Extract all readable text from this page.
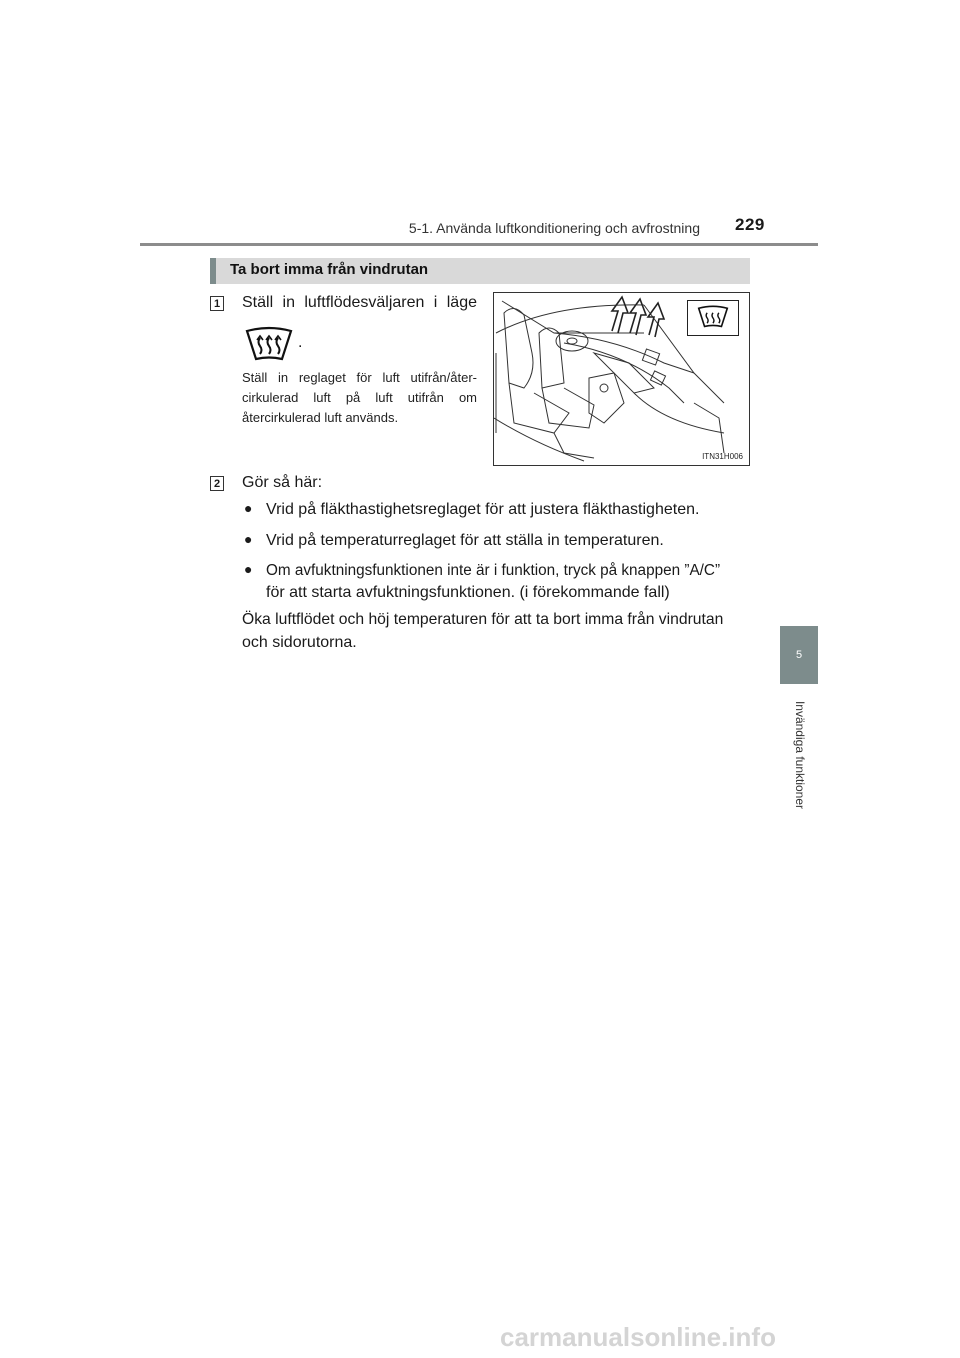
5-1. Använda luftkonditionering och avfrostning 229
Ta bort imma från vindrutan
1 Ställ in luftflödesväljaren i läge
.
Ställ in reglaget för luft utifrån/åter-
cirkulerad luft på luft utifrån om
återcirkulerad luft används.
ITN31H006
2 Gör så här:
● Vrid på fläkthastighetsreglaget för att justera fläkthastigheten.
● Vrid på temperaturreglaget för att ställa in temperaturen.
● Om avfuktningsfunktionen inte är i funktion, tryck på knappen ”A/C”
för att starta avfuktningsfunktionen. (i förekommande fall)
Öka luftflödet och höj temperaturen för att ta bort imma från vindrutan
och sidorutorna.
5
Invändiga funktioner
carmanualsonline.info
